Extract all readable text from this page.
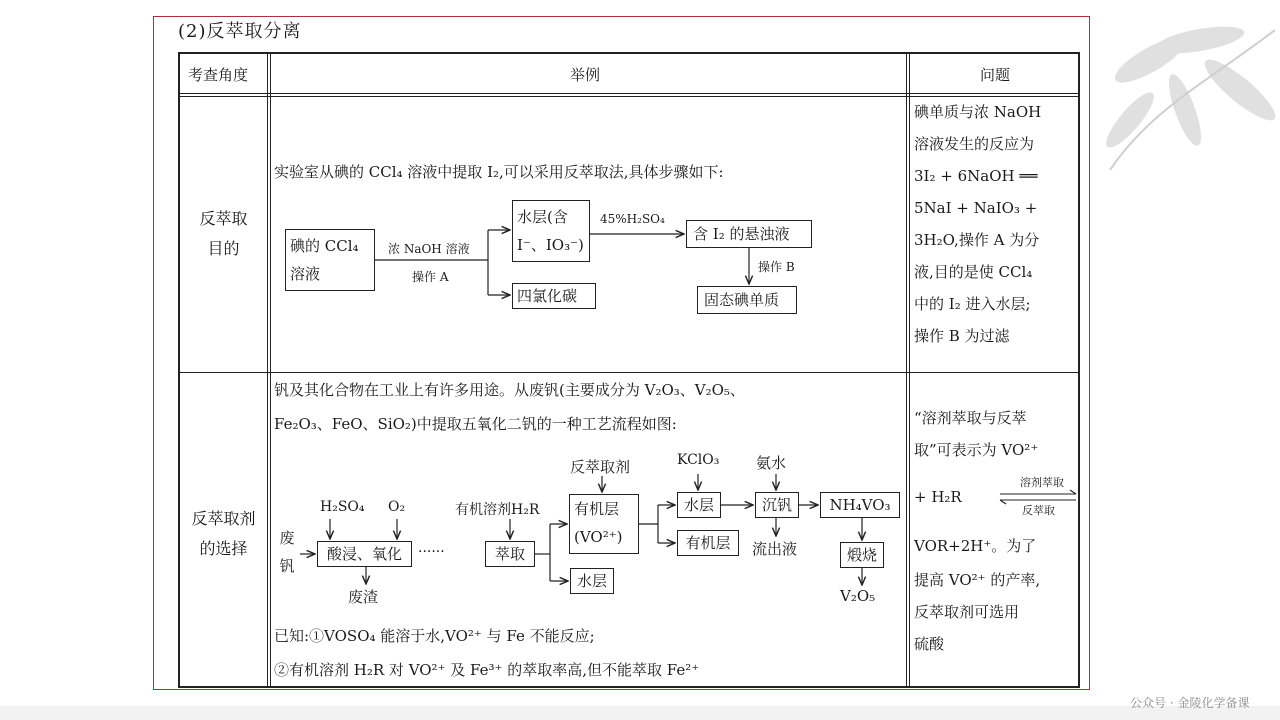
(2)反萃取分离
考查角度	举例	问题
反萃取
目的
反萃取剂
的选择
实验室从碘的 CCl₄ 溶液中提取 I₂,可以采用反萃取法,具体步骤如下:
碘的 CCl₄
溶液
浓 NaOH 溶液
操作 A
水层(含
I⁻、IO₃⁻)
四氯化碳
45%H₂SO₄
含 I₂ 的悬浊液
操作 B
固态碘单质
碘单质与浓 NaOH
溶液发生的反应为
3I₂ + 6NaOH ══
5NaI + NaIO₃ +
3H₂O,操作 A 为分
液,目的是使 CCl₄
中的 I₂ 进入水层;
操作 B 为过滤
钒及其化合物在工业上有许多用途。从废钒(主要成分为 V₂O₃、V₂O₅、
Fe₂O₃、FeO、SiO₂)中提取五氧化二钒的一种工艺流程如图:
废
钒
H₂SO₄ O₂
酸浸、氧化
废渣
······
有机溶剂H₂R
萃取
水层
反萃取剂
有机层
(VO²⁺)
水层
有机层
KClO₃ 氨水
沉钒
流出液
NH₄VO₃
煅烧
V₂O₅
已知:①VOSO₄ 能溶于水,VO²⁺ 与 Fe 不能反应;
②有机溶剂 H₂R 对 VO²⁺ 及 Fe³⁺ 的萃取率高,但不能萃取 Fe²⁺
“溶剂萃取与反萃
取”可表示为 VO²⁺
+ H₂R
溶剂萃取
反萃取
VOR+2H⁺。为了
提高 VO²⁺ 的产率,
反萃取剂可选用
硫酸
公众号 · 金陵化学备课
